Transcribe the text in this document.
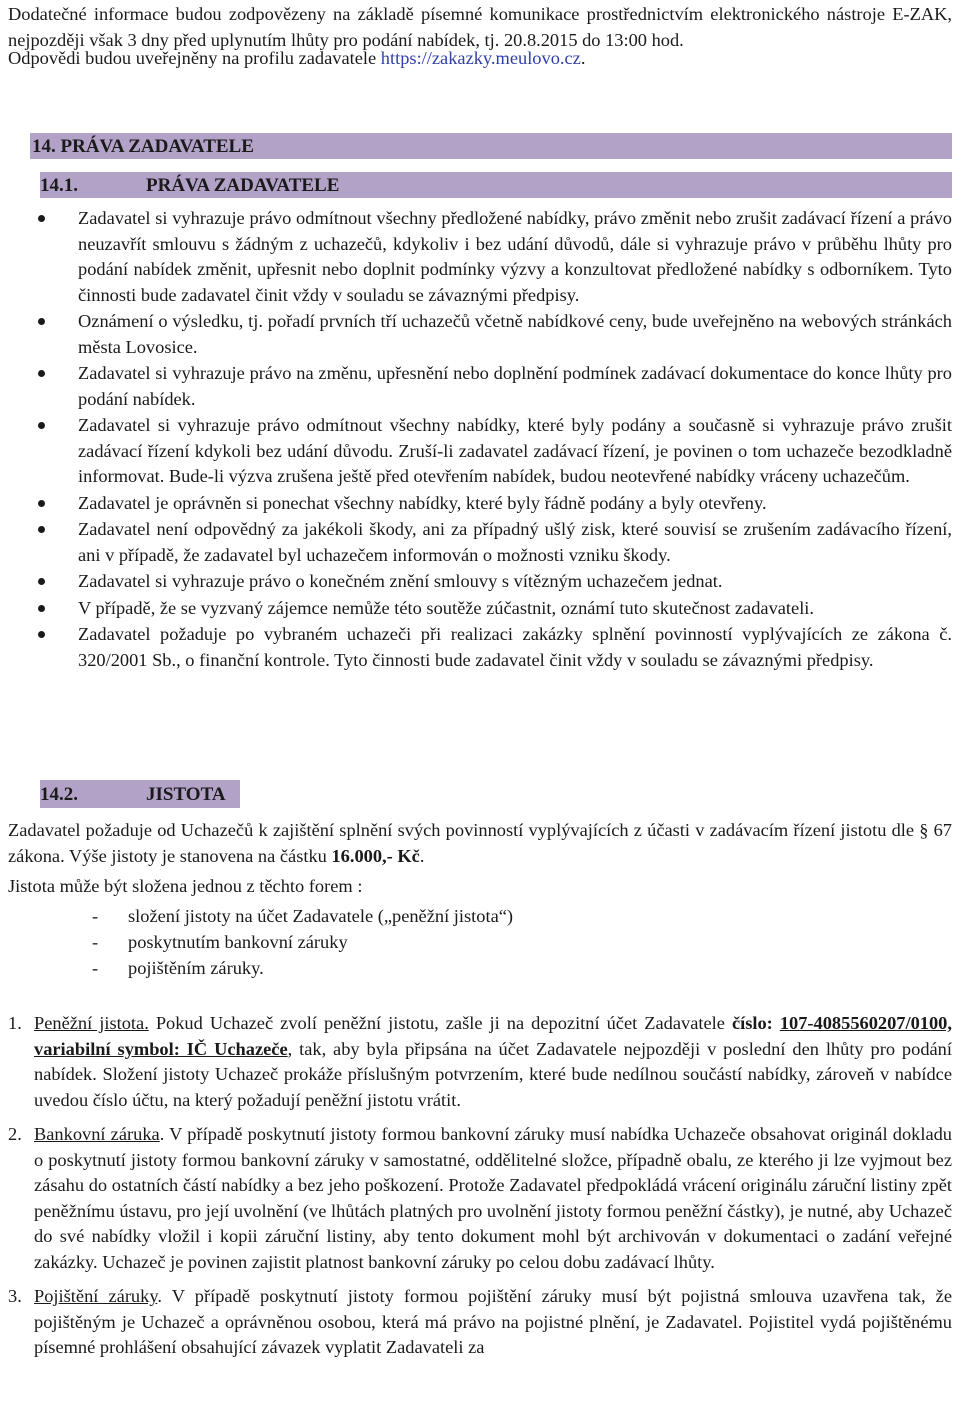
Dodatečné informace budou zodpovězeny na základě písemné komunikace prostřednictvím elektronického nástroje E-ZAK, nejpozději však 3 dny před uplynutím lhůty pro podání nabídek, tj. 20.8.2015 do 13:00 hod.

Odpovědi budou uveřejněny na profilu zadavatele https://zakazky.meulovo.cz.

14. PRÁVA ZADAVATELE
14.1.	PRÁVA ZADAVATELE
Zadavatel si vyhrazuje právo odmítnout všechny předložené nabídky, právo změnit nebo zrušit zadávací řízení a právo neuzavřít smlouvu s žádným z uchazečů, kdykoliv i bez udání důvodů, dále si vyhrazuje právo v průběhu lhůty pro podání nabídek změnit, upřesnit nebo doplnit podmínky výzvy a konzultovat předložené nabídky s odborníkem. Tyto činnosti bude zadavatel činit vždy v souladu se závaznými předpisy.
Oznámení o výsledku, tj. pořadí prvních tří uchazečů včetně nabídkové ceny, bude uveřejněno na webových stránkách města Lovosice.
Zadavatel si vyhrazuje právo na změnu, upřesnění nebo doplnění podmínek zadávací dokumentace do konce lhůty pro podání nabídek.
Zadavatel si vyhrazuje právo odmítnout všechny nabídky, které byly podány a současně si vyhrazuje právo zrušit zadávací řízení kdykoli bez udání důvodu. Zruší-li zadavatel zadávací řízení, je povinen o tom uchazeče bezodkladně informovat. Bude-li výzva zrušena ještě před otevřením nabídek, budou neotevřené nabídky vráceny uchazečům.
Zadavatel je oprávněn si ponechat všechny nabídky, které byly řádně podány a byly otevřeny.
Zadavatel není odpovědný za jakékoli škody, ani za případný ušlý zisk, které souvisí se zrušením zadávacího řízení, ani v případě, že zadavatel byl uchazečem informován o možnosti vzniku škody.
Zadavatel si vyhrazuje právo o konečném znění smlouvy s vítězným uchazečem jednat.
V případě, že se vyzvaný zájemce nemůže této soutěže zúčastnit, oznámí tuto skutečnost zadavateli.
Zadavatel požaduje po vybraném uchazeči při realizaci zakázky splnění povinností vyplývajících ze zákona č. 320/2001 Sb., o finanční kontrole. Tyto činnosti bude zadavatel činit vždy v souladu se závaznými předpisy.
14.2.	JISTOTA

Zadavatel požaduje od Uchazečů k zajištění splnění svých povinností vyplývajících z účasti v zadávacím řízení jistotu dle § 67 zákona. Výše jistoty je stanovena na částku 16.000,- Kč.

Jistota může být složena jednou z těchto forem :

- složení jistoty na účet Zadavatele („peněžní jistota“)
- poskytnutím bankovní záruky
- pojištěním záruky.
1. Peněžní jistota. Pokud Uchazeč zvolí peněžní jistotu, zašle ji na depozitní účet Zadavatele číslo: 107-4085560207/0100, variabilní symbol: IČ Uchazeče, tak, aby byla připsána na účet Zadavatele nejpozději v poslední den lhůty pro podání nabídek. Složení jistoty Uchazeč prokáže příslušným potvrzením, které bude nedílnou součástí nabídky, zároveň v nabídce uvedou číslo účtu, na který požadují peněžní jistotu vrátit.
2. Bankovní záruka. V případě poskytnutí jistoty formou bankovní záruky musí nabídka Uchazeče obsahovat originál dokladu o poskytnutí jistoty formou bankovní záruky v samostatné, oddělitelné složce, případně obalu, ze kterého ji lze vyjmout bez zásahu do ostatních částí nabídky a bez jeho poškození. Protože Zadavatel předpokládá vrácení originálu záruční listiny zpět peněžnímu ústavu, pro její uvolnění (ve lhůtách platných pro uvolnění jistoty formou peněžní částky), je nutné, aby Uchazeč do své nabídky vložil i kopii záruční listiny, aby tento dokument mohl být archivován v dokumentaci o zadání veřejné zakázky. Uchazeč je povinen zajistit platnost bankovní záruky po celou dobu zadávací lhůty.
3. Pojištění záruky. V případě poskytnutí jistoty formou pojištění záruky musí být pojistná smlouva uzavřena tak, že pojištěným je Uchazeč a oprávněnou osobou, která má právo na pojistné plnění, je Zadavatel. Pojistitel vydá pojištěnému písemné prohlášení obsahující závazek vyplatit Zadavateli za
